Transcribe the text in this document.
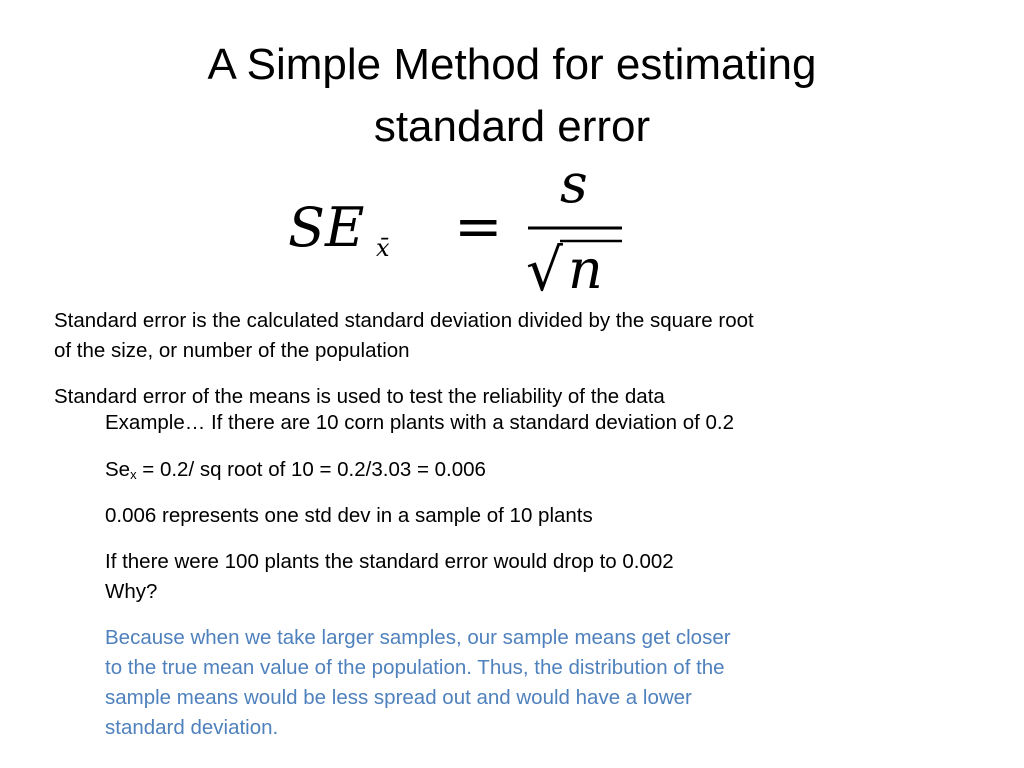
A Simple Method for estimating
standard error
SE x̄ =
s
√ n

Standard error is the calculated standard deviation divided by the square root
of the size, or number of the population

Standard error of the means is used to test the reliability of the data

Example… If there are 10 corn plants with a standard deviation of 0.2

$Se_x = 0.2/$ sq root of 10 = 0.2/3.03 = 0.006

0.006 represents one std dev in a sample of 10 plants

If there were 100 plants the standard error would drop to 0.002
Why?

Because when we take larger samples, our sample means get closer
to the true mean value of the population. Thus, the distribution of the
sample means would be less spread out and would have a lower
standard deviation.
